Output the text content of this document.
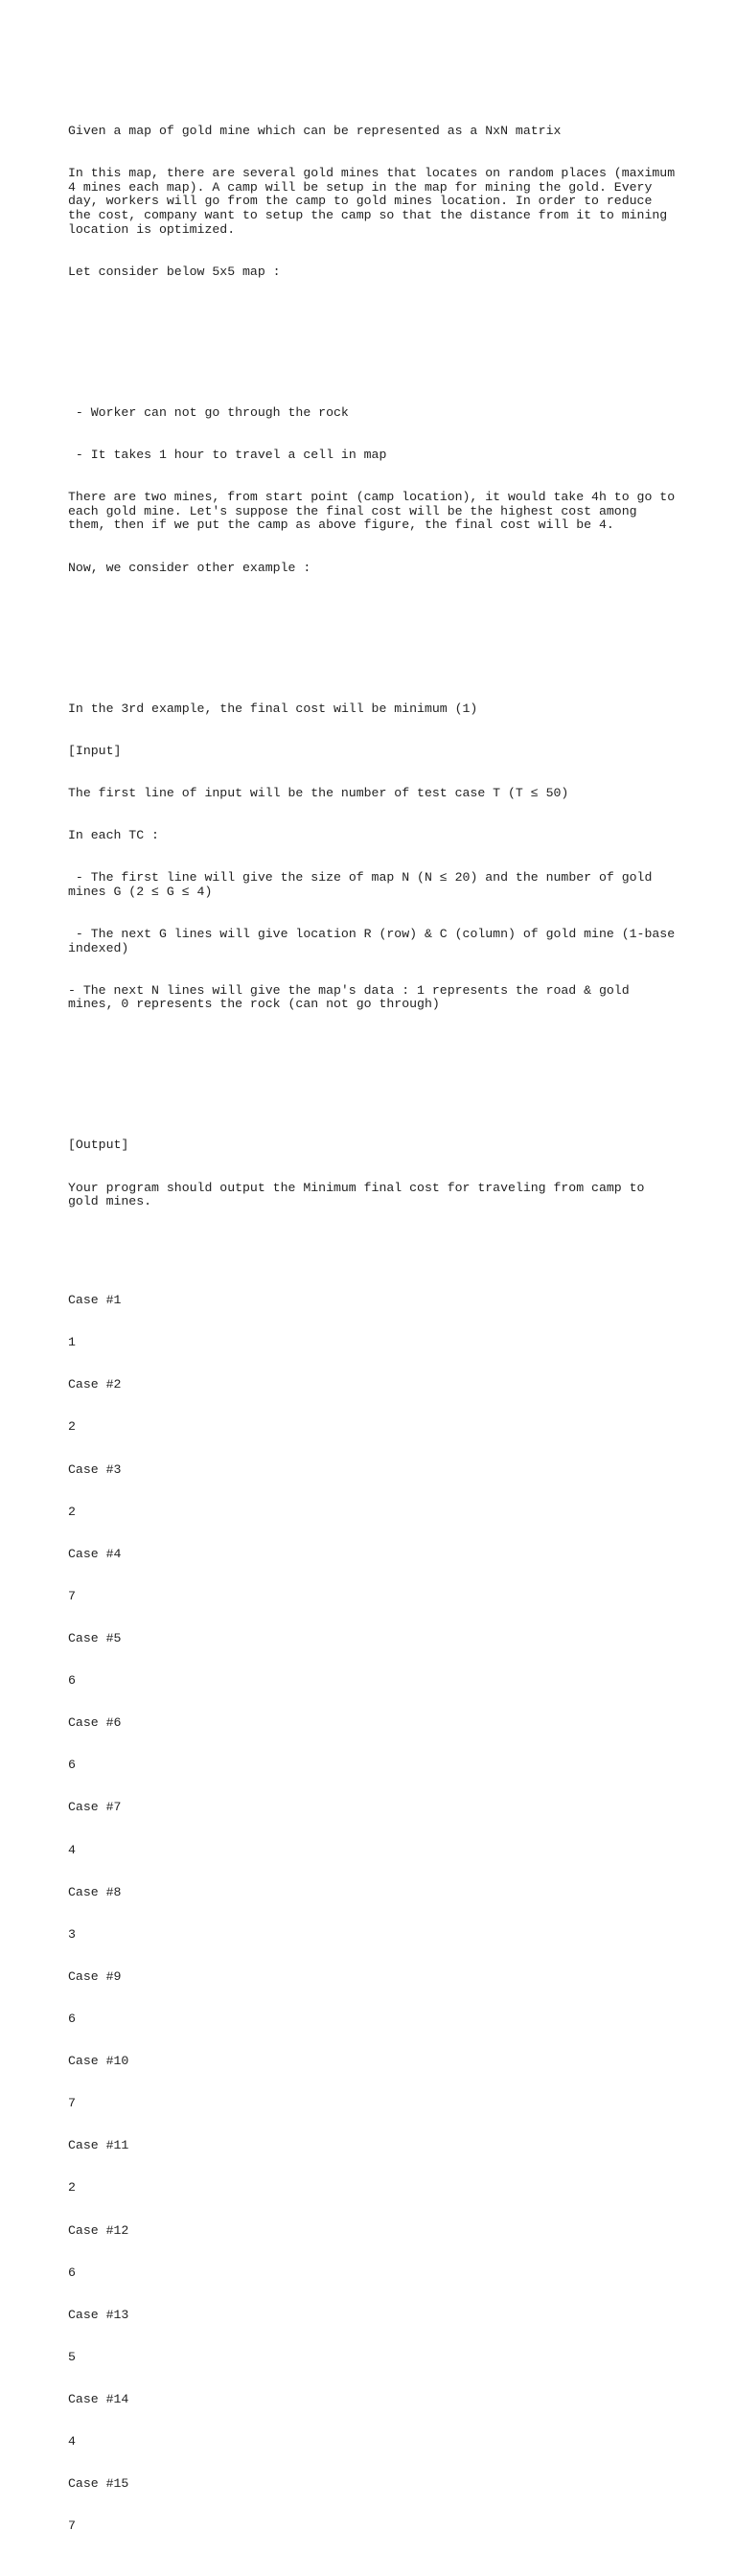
Given a map of gold mine which can be represented as a NxN matrix

In this map, there are several gold mines that locates on random places (maximum 4 mines each map). A camp will be setup in the map for mining the gold. Every day, workers will go from the camp to gold mines location. In order to reduce the cost, company want to setup the camp so that the distance from it to mining location is optimized.

Let consider below 5x5 map :

- Worker can not go through the rock

- It takes 1 hour to travel a cell in map

There are two mines, from start point (camp location), it would take 4h to go to each gold mine. Let's suppose the final cost will be the highest cost among them, then if we put the camp as above figure, the final cost will be 4.

Now, we consider other example :

In the 3rd example, the final cost will be minimum (1)

[Input]

The first line of input will be the number of test case T (T ≤ 50)

In each TC :

- The first line will give the size of map N (N ≤ 20) and the number of gold mines G (2 ≤ G ≤ 4)

- The next G lines will give location R (row) & C (column) of gold mine (1-base indexed)

- The next N lines will give the map's data : 1 represents the road & gold mines, 0 represents the rock (can not go through)

[Output]

Your program should output the Minimum final cost for traveling from camp to gold mines.

Case #1

1

Case #2

2

Case #3

2

Case #4

7

Case #5

6

Case #6

6

Case #7

4

Case #8

3

Case #9

6

Case #10

7

Case #11

2

Case #12

6

Case #13

5

Case #14

4

Case #15

7
